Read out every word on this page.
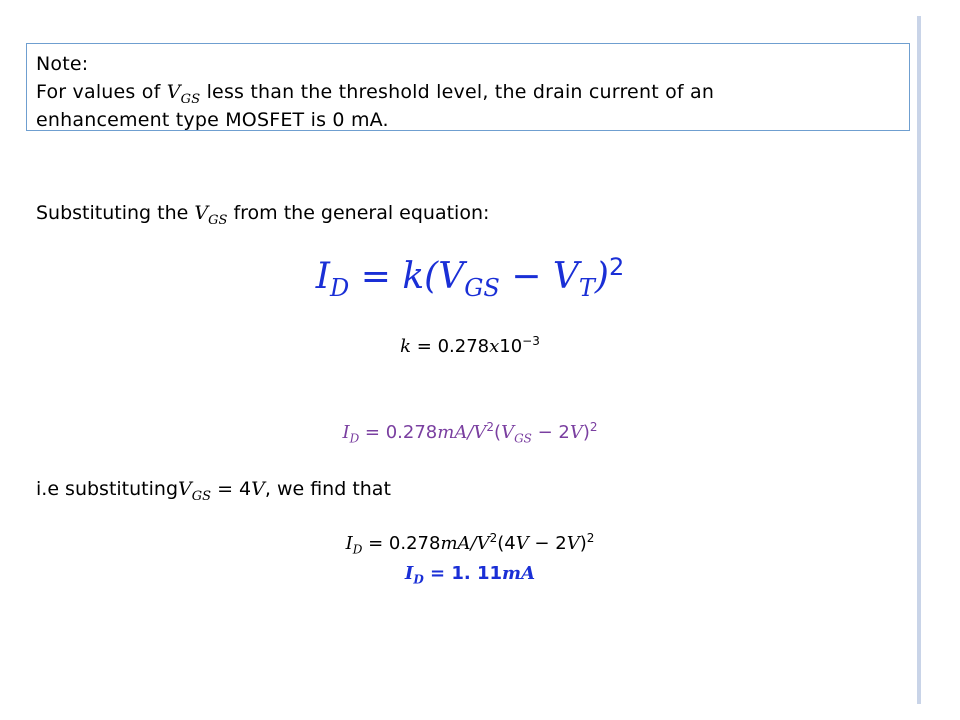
Note:
For values of $V_{GS}$ less than the threshold level, the drain current of an
enhancement type MOSFET is 0 mA.
Substituting the $V_{GS}$ from the general equation:
$I_D = k(V_{GS} - V_T)^2$
$k = 0.278x10^{-3}$
$I_D = 0.278mA/V^2(V_{GS} - 2V)^2$
i.e substitutingV$_{GS}$ = 4V, we find that
$I_D = 0.278mA/V^2(4V - 2V)^2$
$I_D = 1$. 11mA
